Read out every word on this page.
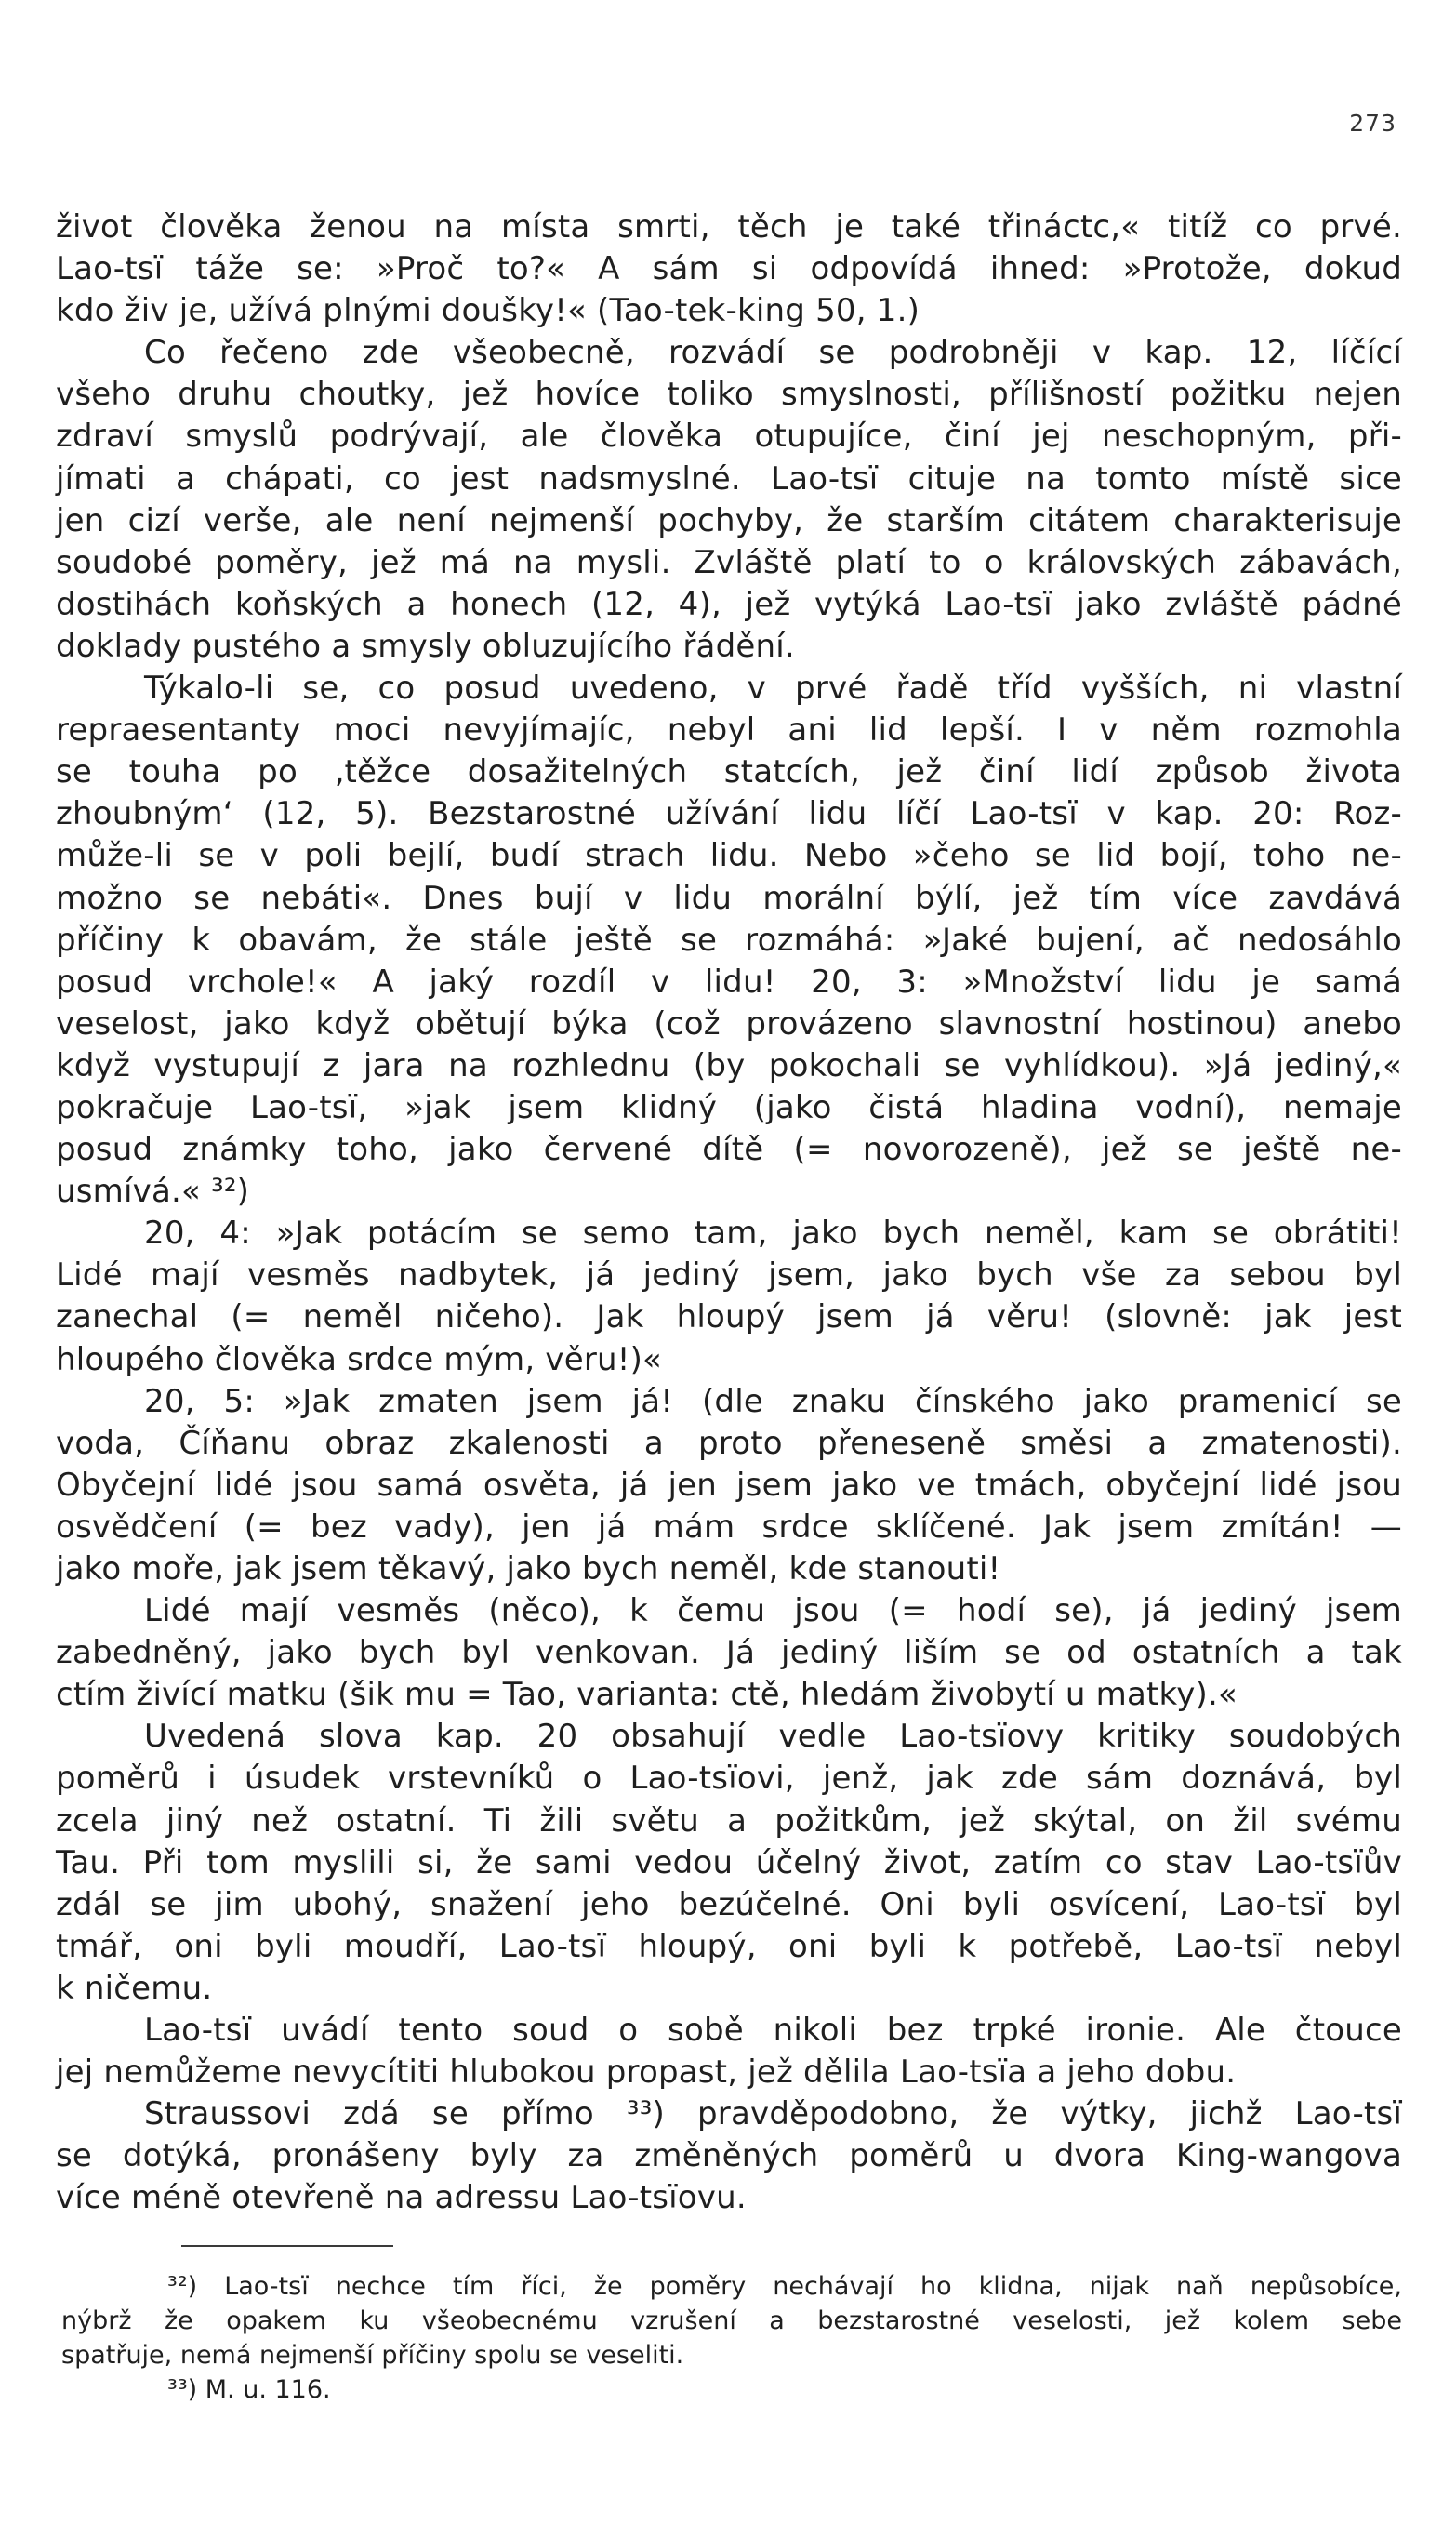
273
život člověka ženou na místa smrti, těch je také třináctc,« titíž co prvé.
Lao-tsï táže se: »Proč to?« A sám si odpovídá ihned: »Protože, dokud
kdo živ je, užívá plnými doušky!« (Tao-tek-king 50, 1.)
Co řečeno zde všeobecně, rozvádí se podrobněji v kap. 12, líčící
všeho druhu choutky, jež hovíce toliko smyslnosti, přílišností požitku nejen
zdraví smyslů podrývají, ale člověka otupujíce, činí jej neschopným, při-
jímati a chápati, co jest nadsmyslné. Lao-tsï cituje na tomto místě sice
jen cizí verše, ale není nejmenší pochyby, že starším citátem charakterisuje
soudobé poměry, jež má na mysli. Zvláště platí to o královských zábavách,
dostihách koňských a honech (12, 4), jež vytýká Lao-tsï jako zvláště pádné
doklady pustého a smysly obluzujícího řádění.
Týkalo-li se, co posud uvedeno, v prvé řadě tříd vyšších, ni vlastní
repraesentanty moci nevyjímajíc, nebyl ani lid lepší. I v něm rozmohla
se touha po ‚těžce dosažitelných statcích, jež činí lidí způsob života
zhoubným‘ (12, 5). Bezstarostné užívání lidu líčí Lao-tsï v kap. 20: Roz-
může-li se v poli bejlí, budí strach lidu. Nebo »čeho se lid bojí, toho ne-
možno se nebáti«. Dnes bují v lidu morální býlí, jež tím více zavdává
příčiny k obavám, že stále ještě se rozmáhá: »Jaké bujení, ač nedosáhlo
posud vrchole!« A jaký rozdíl v lidu! 20, 3: »Množství lidu je samá
veselost, jako když obětují býka (což provázeno slavnostní hostinou) anebo
když vystupují z jara na rozhlednu (by pokochali se vyhlídkou). »Já jediný,«
pokračuje Lao-tsï, »jak jsem klidný (jako čistá hladina vodní), nemaje
posud známky toho, jako červené dítě (= novorozeně), jež se ještě ne-
usmívá.« ³²)
20, 4: »Jak potácím se semo tam, jako bych neměl, kam se obrátiti!
Lidé mají vesměs nadbytek, já jediný jsem, jako bych vše za sebou byl
zanechal (= neměl ničeho). Jak hloupý jsem já věru! (slovně: jak jest
hloupého člověka srdce mým, věru!)«
20, 5: »Jak zmaten jsem já! (dle znaku čínského jako pramenicí se
voda, Číňanu obraz zkalenosti a proto přeneseně směsi a zmatenosti).
Obyčejní lidé jsou samá osvěta, já jen jsem jako ve tmách, obyčejní lidé jsou
osvědčení (= bez vady), jen já mám srdce sklíčené. Jak jsem zmítán! —
jako moře, jak jsem těkavý, jako bych neměl, kde stanouti!
Lidé mají vesměs (něco), k čemu jsou (= hodí se), já jediný jsem
zabedněný, jako bych byl venkovan. Já jediný liším se od ostatních a tak
ctím živící matku (šik mu = Tao, varianta: ctě, hledám živobytí u matky).«
Uvedená slova kap. 20 obsahují vedle Lao-tsïovy kritiky soudobých
poměrů i úsudek vrstevníků o Lao-tsïovi, jenž, jak zde sám doznává, byl
zcela jiný než ostatní. Ti žili světu a požitkům, jež skýtal, on žil svému
Tau. Při tom myslili si, že sami vedou účelný život, zatím co stav Lao-tsïův
zdál se jim ubohý, snažení jeho bezúčelné. Oni byli osvícení, Lao-tsï byl
tmář, oni byli moudří, Lao-tsï hloupý, oni byli k potřebě, Lao-tsï nebyl
k ničemu.
Lao-tsï uvádí tento soud o sobě nikoli bez trpké ironie. Ale čtouce
jej nemůžeme nevycítiti hlubokou propast, jež dělila Lao-tsïa a jeho dobu.
Straussovi zdá se přímo ³³) pravděpodobno, že výtky, jichž Lao-tsï
se dotýká, pronášeny byly za změněných poměrů u dvora King-wangova
více méně otevřeně na adressu Lao-tsïovu.
³²) Lao-tsï nechce tím říci, že poměry nechávají ho klidna, nijak naň nepůsobíce,
nýbrž že opakem ku všeobecnému vzrušení a bezstarostné veselosti, jež kolem sebe
spatřuje, nemá nejmenší příčiny spolu se veseliti.
³³) M. u. 116.
